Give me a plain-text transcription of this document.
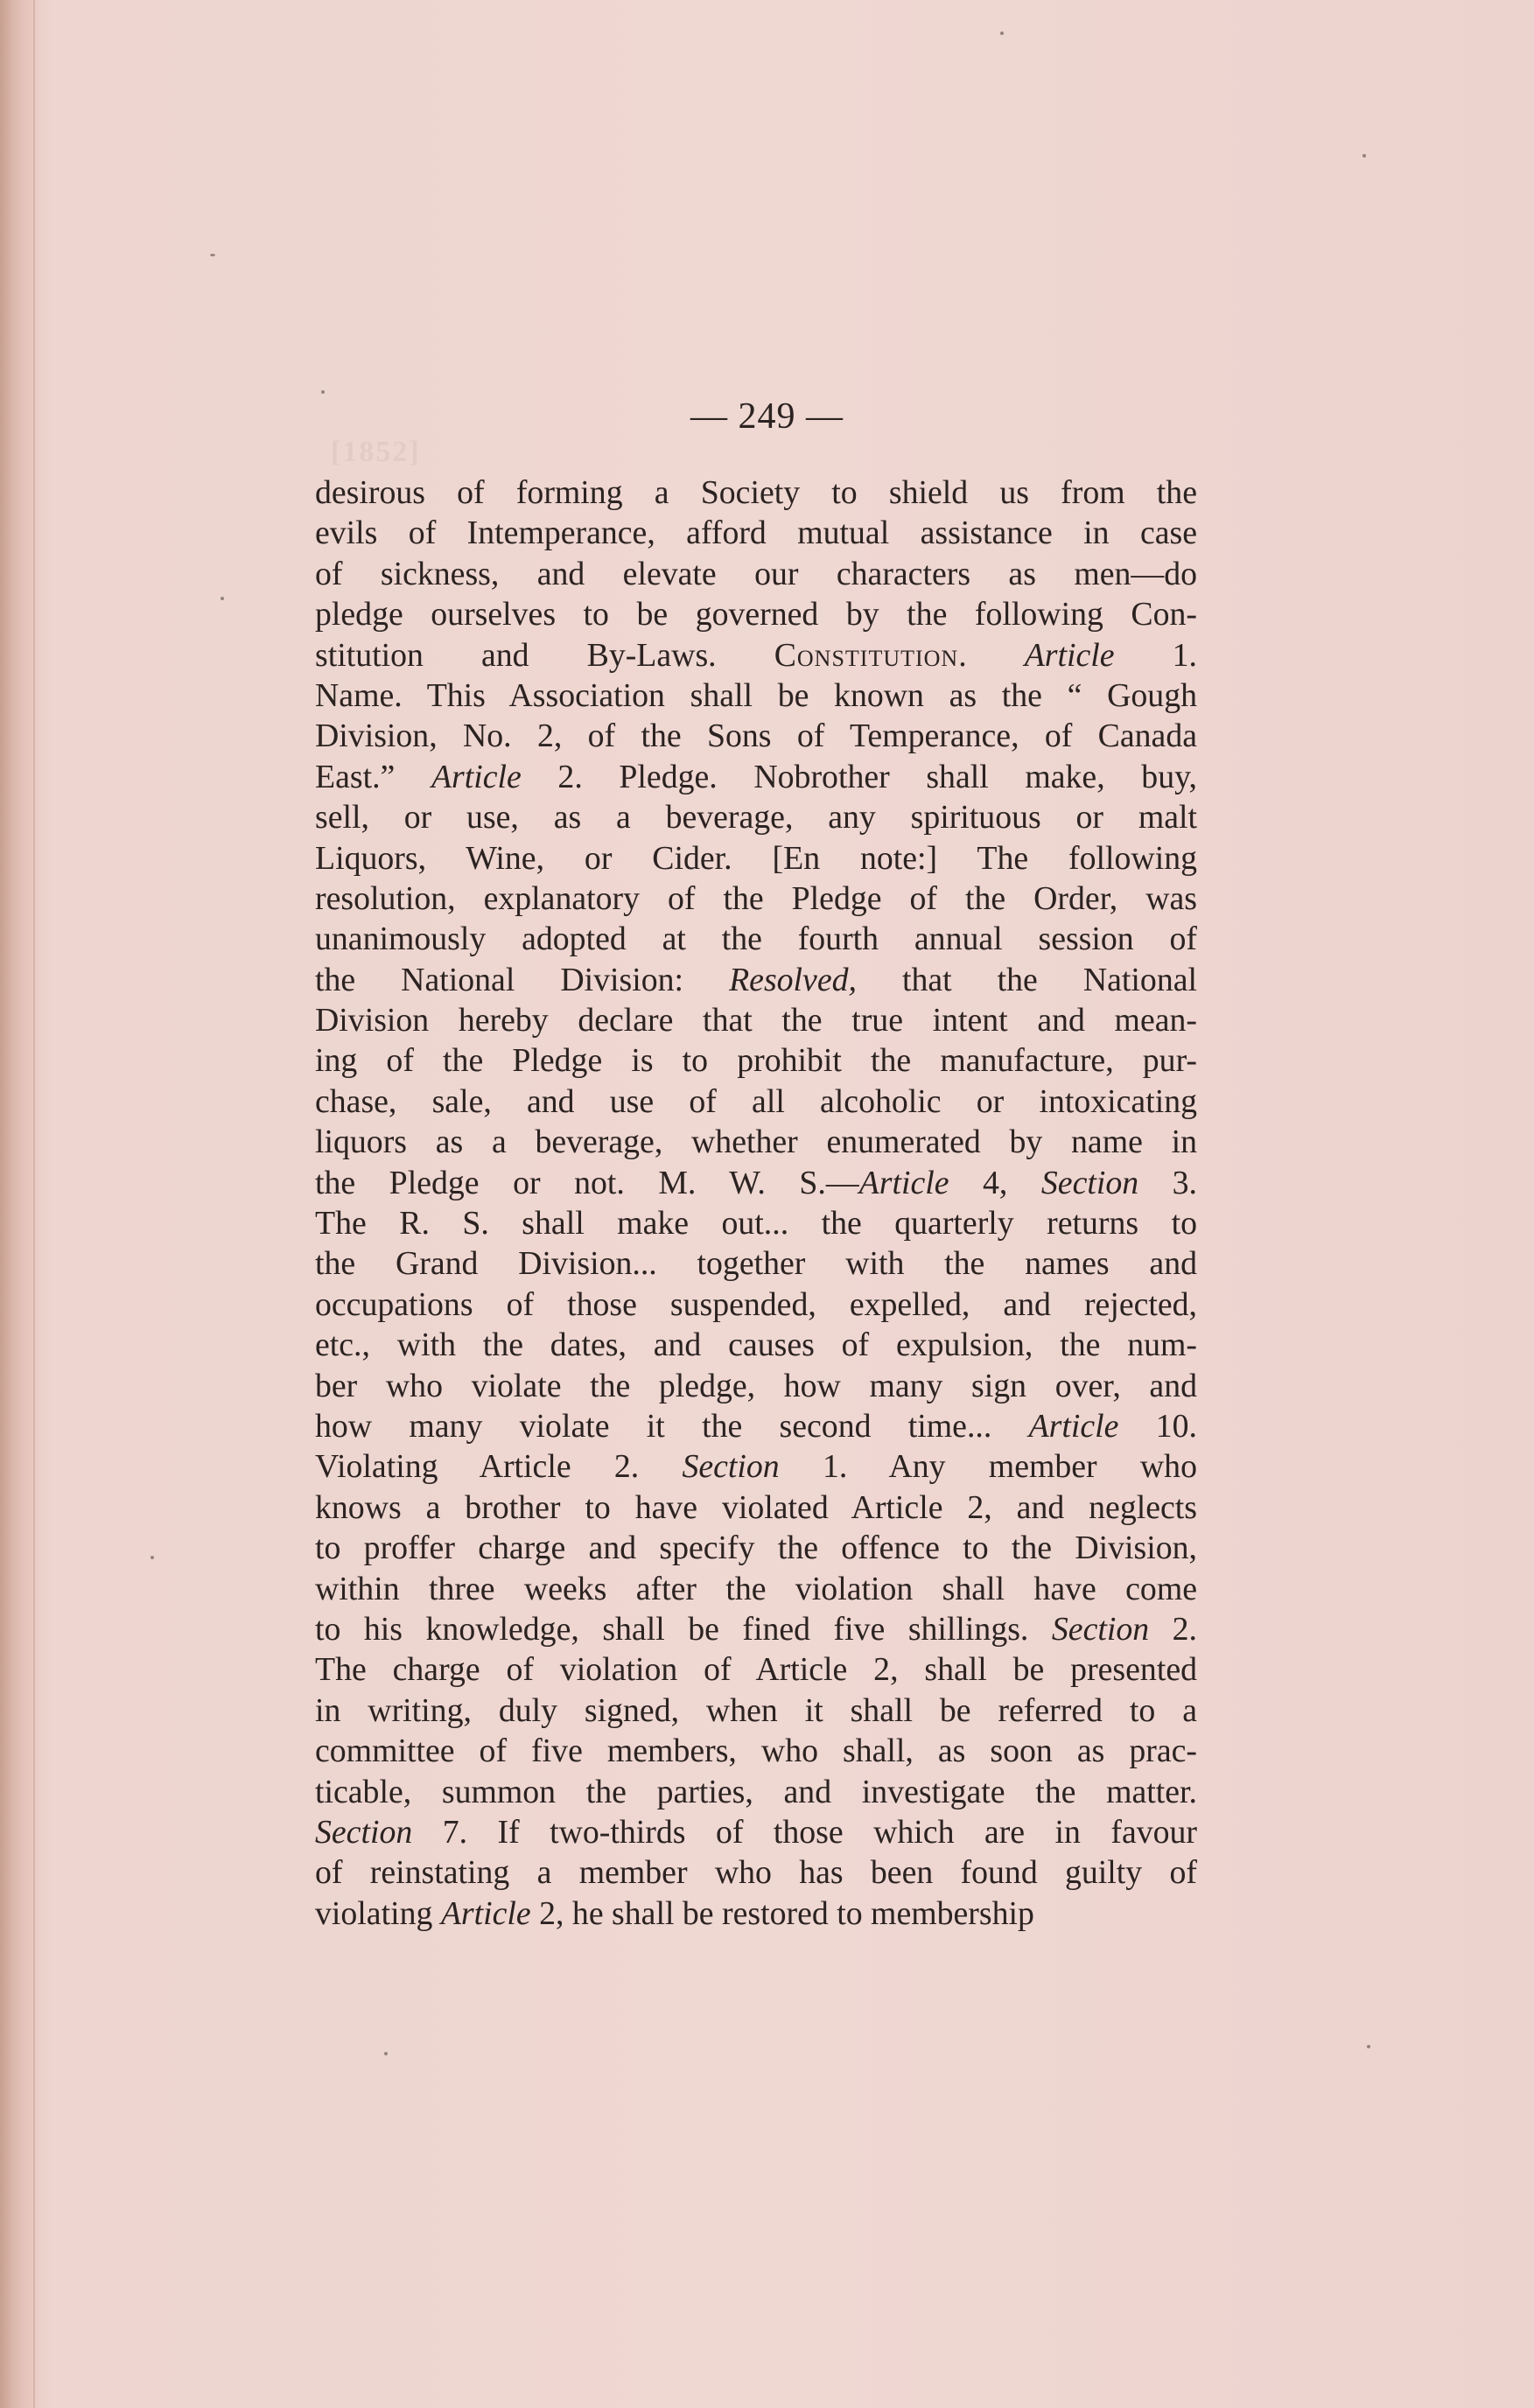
[1852]
— 249 —
desirous of forming a Society to shield us from the
evils of Intemperance, afford mutual assistance in case
of sickness, and elevate our characters as men—do
pledge ourselves to be governed by the following Con-
stitution and By-Laws. Constitution. Article 1.
Name. This Association shall be known as the “ Gough
Division, No. 2, of the Sons of Temperance, of Canada
East.” Article 2. Pledge. Nobrother shall make, buy,
sell, or use, as a beverage, any spirituous or malt
Liquors, Wine, or Cider. [En note:] The following
resolution, explanatory of the Pledge of the Order, was
unanimously adopted at the fourth annual session of
the National Division: Resolved, that the National
Division hereby declare that the true intent and mean-
ing of the Pledge is to prohibit the manufacture, pur-
chase, sale, and use of all alcoholic or intoxicating
liquors as a beverage, whether enumerated by name in
the Pledge or not. M. W. S.—Article 4, Section 3.
The R. S. shall make out... the quarterly returns to
the Grand Division... together with the names and
occupations of those suspended, expelled, and rejected,
etc., with the dates, and causes of expulsion, the num-
ber who violate the pledge, how many sign over, and
how many violate it the second time... Article 10.
Violating Article 2. Section 1. Any member who
knows a brother to have violated Article 2, and neglects
to proffer charge and specify the offence to the Division,
within three weeks after the violation shall have come
to his knowledge, shall be fined five shillings. Section 2.
The charge of violation of Article 2, shall be presented
in writing, duly signed, when it shall be referred to a
committee of five members, who shall, as soon as prac-
ticable, summon the parties, and investigate the matter.
Section 7. If two-thirds of those which are in favour
of reinstating a member who has been found guilty of
violating Article 2, he shall be restored to membership
